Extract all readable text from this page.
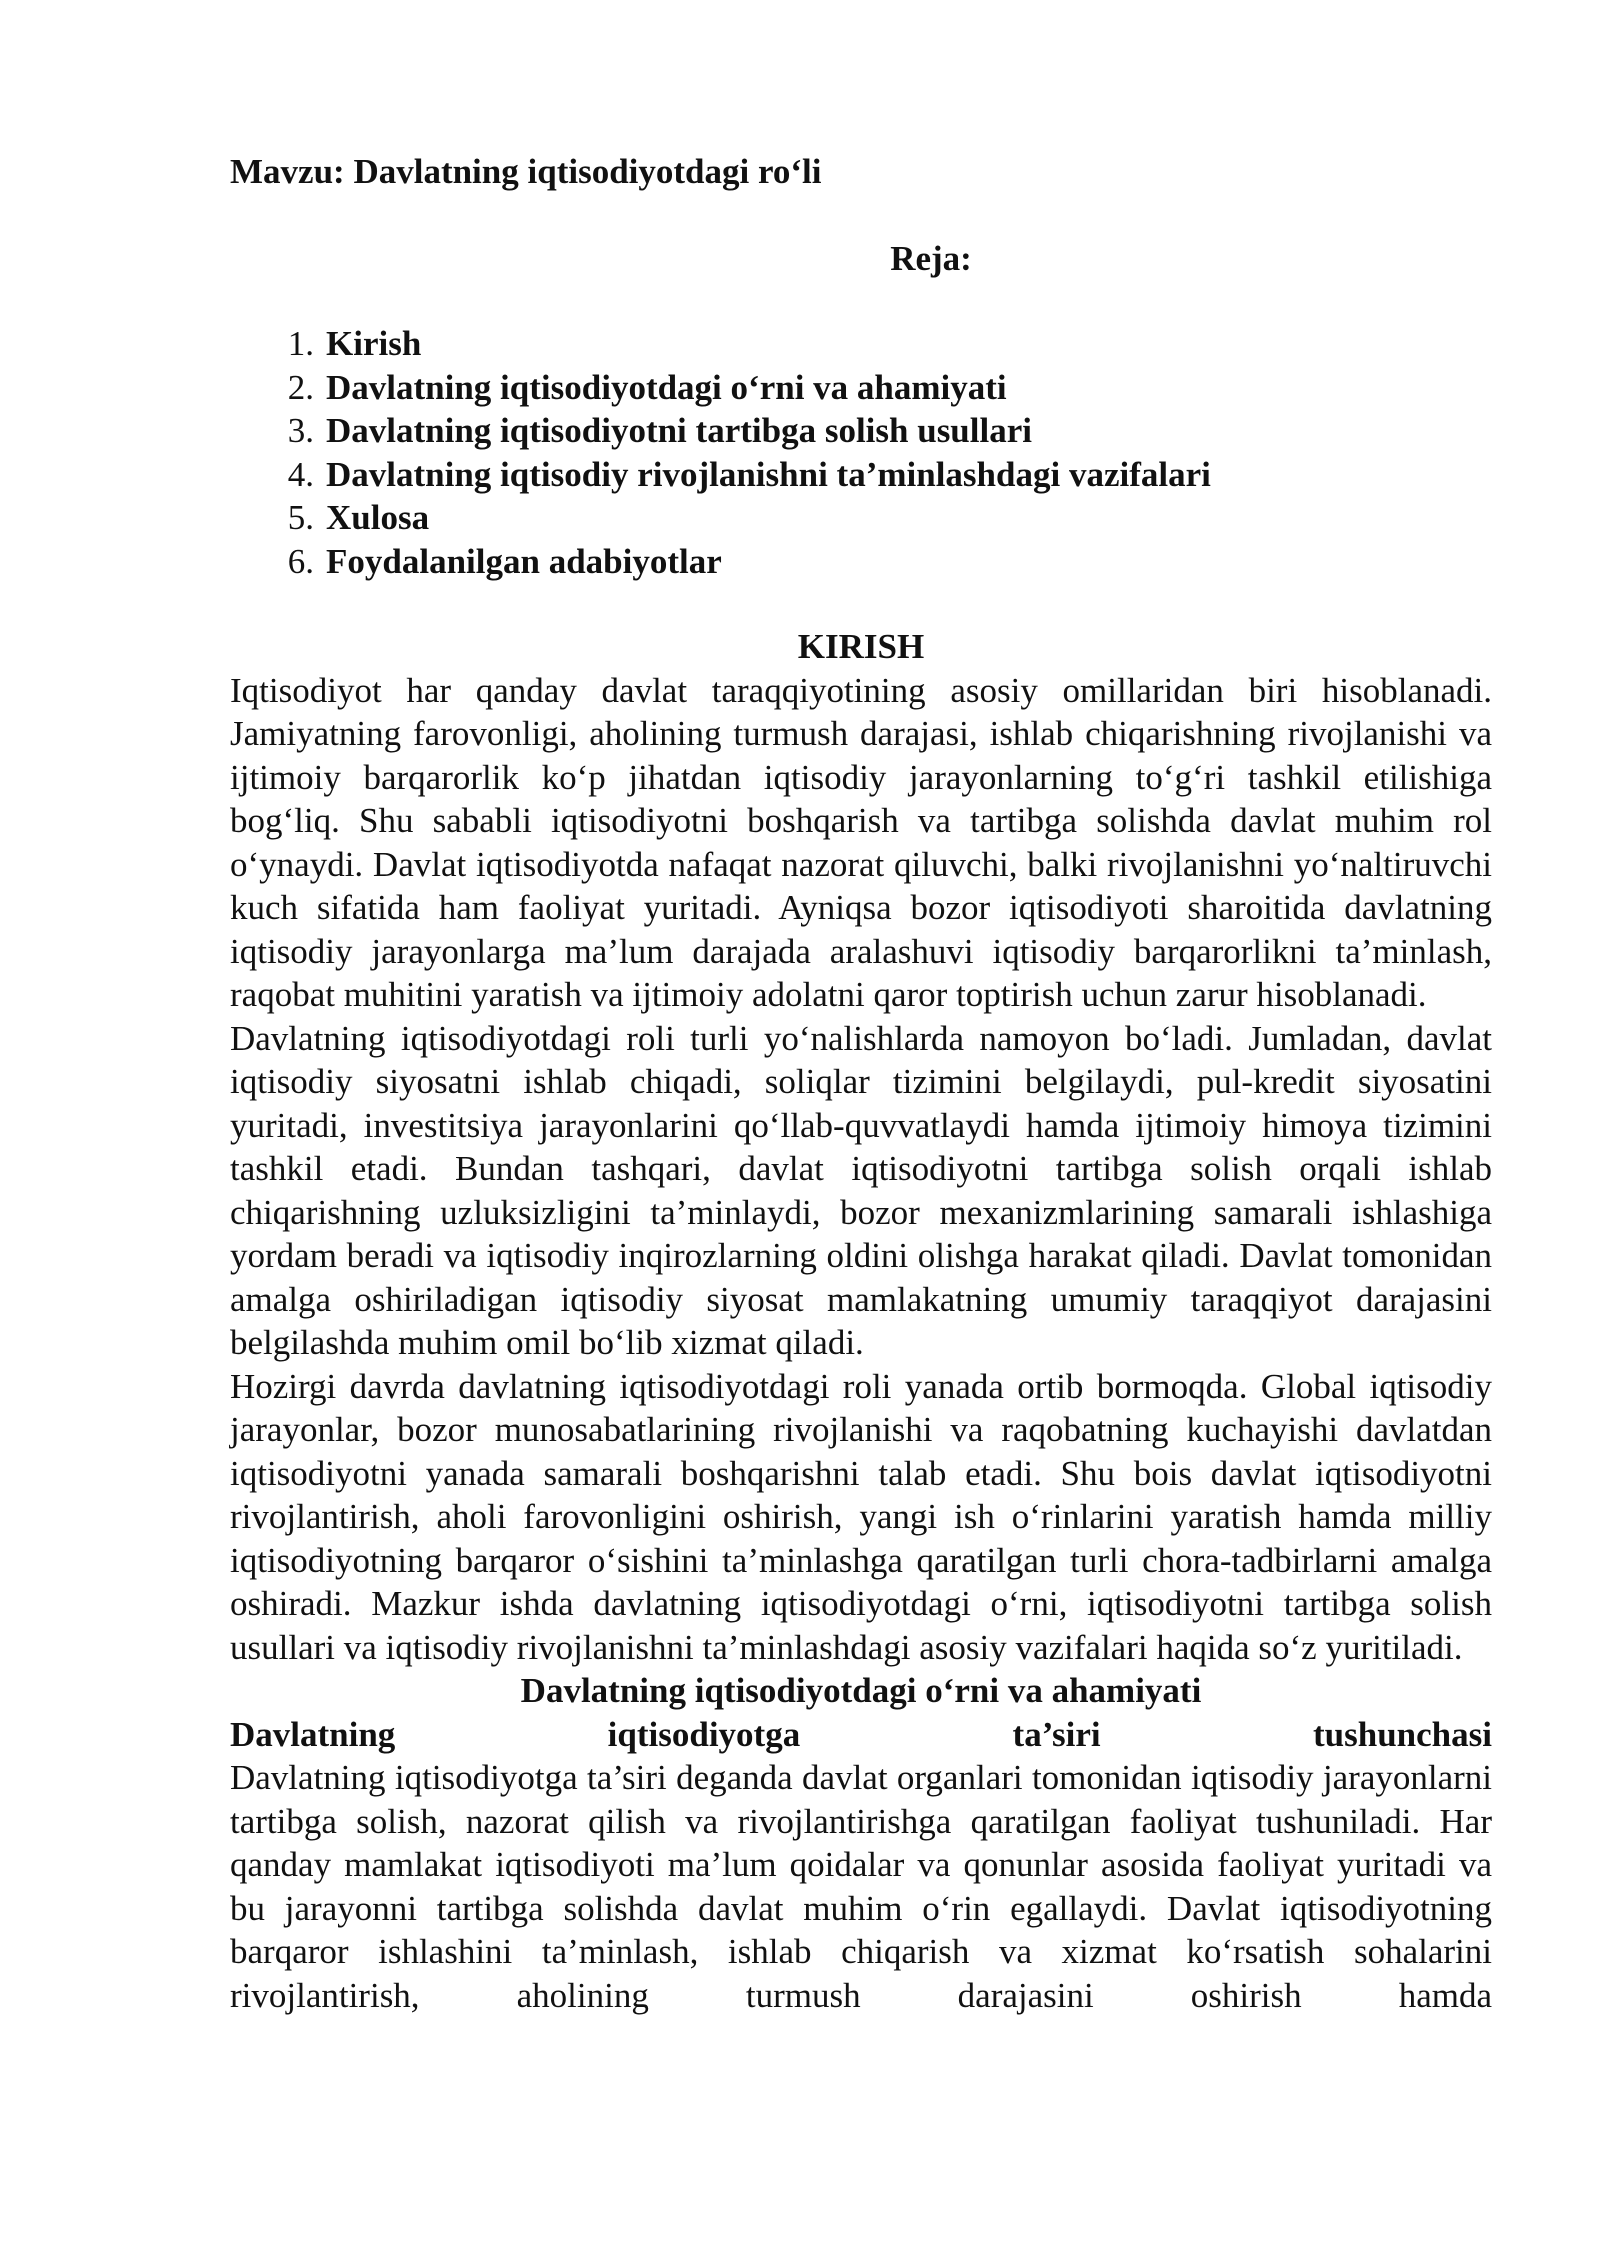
Mavzu: Davlatning iqtisodiyotdagi ro‘li

Reja:

1. Kirish
2. Davlatning iqtisodiyotdagi o‘rni va ahamiyati
3. Davlatning iqtisodiyotni tartibga solish usullari
4. Davlatning iqtisodiy rivojlanishni ta’minlashdagi vazifalari
5. Xulosa
6. Foydalanilgan adabiyotlar

KIRISH

Iqtisodiyot har qanday davlat taraqqiyotining asosiy omillaridan biri hisoblanadi. Jamiyatning farovonligi, aholining turmush darajasi, ishlab chiqarishning rivojlanishi va ijtimoiy barqarorlik ko‘p jihatdan iqtisodiy jarayonlarning to‘g‘ri tashkil etilishiga bog‘liq. Shu sababli iqtisodiyotni boshqarish va tartibga solishda davlat muhim rol o‘ynaydi. Davlat iqtisodiyotda nafaqat nazorat qiluvchi, balki rivojlanishni yo‘naltiruvchi kuch sifatida ham faoliyat yuritadi. Ayniqsa bozor iqtisodiyoti sharoitida davlatning iqtisodiy jarayonlarga ma’lum darajada aralashuvi iqtisodiy barqarorlikni ta’minlash, raqobat muhitini yaratish va ijtimoiy adolatni qaror toptirish uchun zarur hisoblanadi.

Davlatning iqtisodiyotdagi roli turli yo‘nalishlarda namoyon bo‘ladi. Jumladan, davlat iqtisodiy siyosatni ishlab chiqadi, soliqlar tizimini belgilaydi, pul-kredit siyosatini yuritadi, investitsiya jarayonlarini qo‘llab-quvvatlaydi hamda ijtimoiy himoya tizimini tashkil etadi. Bundan tashqari, davlat iqtisodiyotni tartibga solish orqali ishlab chiqarishning uzluksizligini ta’minlaydi, bozor mexanizmlarining samarali ishlashiga yordam beradi va iqtisodiy inqirozlarning oldini olishga harakat qiladi. Davlat tomonidan amalga oshiriladigan iqtisodiy siyosat mamlakatning umumiy taraqqiyot darajasini belgilashda muhim omil bo‘lib xizmat qiladi.

Hozirgi davrda davlatning iqtisodiyotdagi roli yanada ortib bormoqda. Global iqtisodiy jarayonlar, bozor munosabatlarining rivojlanishi va raqobatning kuchayishi davlatdan iqtisodiyotni yanada samarali boshqarishni talab etadi. Shu bois davlat iqtisodiyotni rivojlantirish, aholi farovonligini oshirish, yangi ish o‘rinlarini yaratish hamda milliy iqtisodiyotning barqaror o‘sishini ta’minlashga qaratilgan turli chora-tadbirlarni amalga oshiradi. Mazkur ishda davlatning iqtisodiyotdagi o‘rni, iqtisodiyotni tartibga solish usullari va iqtisodiy rivojlanishni ta’minlashdagi asosiy vazifalari haqida so‘z yuritiladi.

Davlatning iqtisodiyotdagi o‘rni va ahamiyati

Davlatning iqtisodiyotga ta’siri tushunchasi

Davlatning iqtisodiyotga ta’siri deganda davlat organlari tomonidan iqtisodiy jarayonlarni tartibga solish, nazorat qilish va rivojlantirishga qaratilgan faoliyat tushuniladi. Har qanday mamlakat iqtisodiyoti ma’lum qoidalar va qonunlar asosida faoliyat yuritadi va bu jarayonni tartibga solishda davlat muhim o‘rin egallaydi. Davlat iqtisodiyotning barqaror ishlashini ta’minlash, ishlab chiqarish va xizmat ko‘rsatish sohalarini rivojlantirish, aholining turmush darajasini oshirish hamda
